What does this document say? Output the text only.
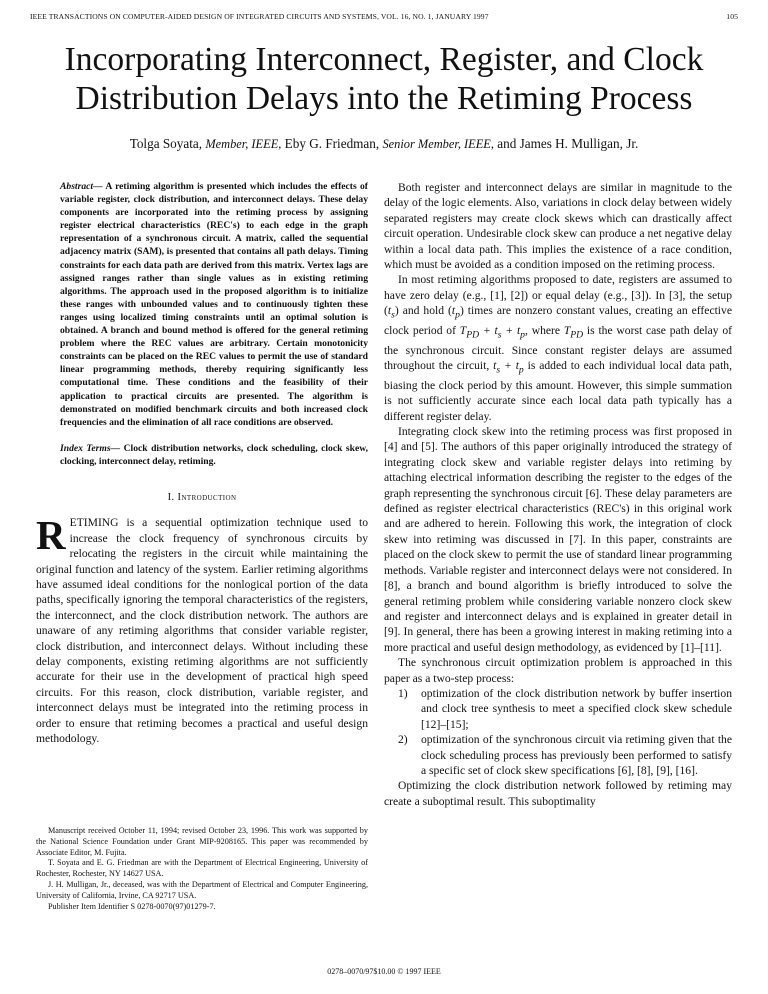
IEEE TRANSACTIONS ON COMPUTER-AIDED DESIGN OF INTEGRATED CIRCUITS AND SYSTEMS, VOL. 16, NO. 1, JANUARY 1997	105
Incorporating Interconnect, Register, and Clock
Distribution Delays into the Retiming Process
Tolga Soyata, Member, IEEE, Eby G. Friedman, Senior Member, IEEE, and James H. Mulligan, Jr.

Abstract— A retiming algorithm is presented which includes the effects of variable register, clock distribution, and interconnect delays. These delay components are incorporated into the retiming process by assigning register electrical characteristics (REC's) to each edge in the graph representation of a synchronous circuit. A matrix, called the sequential adjacency matrix (SAM), is presented that contains all path delays. Timing constraints for each data path are derived from this matrix. Vertex lags are assigned ranges rather than single values as in existing retiming algorithms. The approach used in the proposed algorithm is to initialize these ranges with unbounded values and to continuously tighten these ranges using localized timing constraints until an optimal solution is obtained. A branch and bound method is offered for the general retiming problem where the REC values are arbitrary. Certain monotonicity constraints can be placed on the REC values to permit the use of standard linear programming methods, thereby requiring significantly less computational time. These conditions and the feasibility of their application to practical circuits are presented. The algorithm is demonstrated on modified benchmark circuits and both increased clock frequencies and the elimination of all race conditions are observed.

Index Terms— Clock distribution networks, clock scheduling, clock skew, clocking, interconnect delay, retiming.

I. Introduction

RETIMING is a sequential optimization technique used to increase the clock frequency of synchronous circuits by relocating the registers in the circuit while maintaining the original function and latency of the system. Earlier retiming algorithms have assumed ideal conditions for the nonlogical portion of the data paths, specifically ignoring the temporal characteristics of the registers, the interconnect, and the clock distribution network. The authors are unaware of any retiming algorithms that consider variable register, clock distribution, and interconnect delays. Without including these delay components, existing retiming algorithms are not sufficiently accurate for their use in the development of practical high speed circuits. For this reason, clock distribution, variable register, and interconnect delays must be integrated into the retiming process in order to ensure that retiming becomes a practical and useful design methodology.

Manuscript received October 11, 1994; revised October 23, 1996. This work was supported by the National Science Foundation under Grant MIP-9208165. This paper was recommended by Associate Editor, M. Fujita.

T. Soyata and E. G. Friedman are with the Department of Electrical Engineering, University of Rochester, Rochester, NY 14627 USA.

J. H. Mulligan, Jr., deceased, was with the Department of Electrical and Computer Engineering, University of California, Irvine, CA 92717 USA.

Publisher Item Identifier S 0278-0070(97)01279-7.

Both register and interconnect delays are similar in magnitude to the delay of the logic elements. Also, variations in clock delay between widely separated registers may create clock skews which can drastically affect circuit operation. Undesirable clock skew can produce a net negative delay within a local data path. This implies the existence of a race condition, which must be avoided as a condition imposed on the retiming process.

In most retiming algorithms proposed to date, registers are assumed to have zero delay (e.g., [1], [2]) or equal delay (e.g., [3]). In [3], the setup $(t_s)$ and hold $(t_p)$ times are nonzero constant values, creating an effective clock period of $T_{PD} + t_s + t_p$, where $T_{PD}$ is the worst case path delay of the synchronous circuit. Since constant register delays are assumed throughout the circuit, $t_s + t_p$ is added to each individual local data path, biasing the clock period by this amount. However, this simple summation is not sufficiently accurate since each local data path typically has a different register delay.

Integrating clock skew into the retiming process was first proposed in [4] and [5]. The authors of this paper originally introduced the strategy of integrating clock skew and variable register delays into retiming by attaching electrical information describing the register to the edges of the graph representing the synchronous circuit [6]. These delay parameters are defined as register electrical characteristics (REC's) in this original work and are adhered to herein. Following this work, the integration of clock skew into retiming was discussed in [7]. In this paper, constraints are placed on the clock skew to permit the use of standard linear programming methods. Variable register and interconnect delays were not considered. In [8], a branch and bound algorithm is briefly introduced to solve the general retiming problem while considering variable nonzero clock skew and register and interconnect delays and is explained in greater detail in [9]. In general, there has been a growing interest in making retiming into a more practical and useful design methodology, as evidenced by [1]–[11].

The synchronous circuit optimization problem is approached in this paper as a two-step process:

1) optimization of the clock distribution network by buffer insertion and clock tree synthesis to meet a specified clock skew schedule [12]–[15];
2) optimization of the synchronous circuit via retiming given that the clock scheduling process has previously been performed to satisfy a specific set of clock skew specifications [6], [8], [9], [16].

Optimizing the clock distribution network followed by retiming may create a suboptimal result. This suboptimality

0278–0070/97$10.00 © 1997 IEEE
